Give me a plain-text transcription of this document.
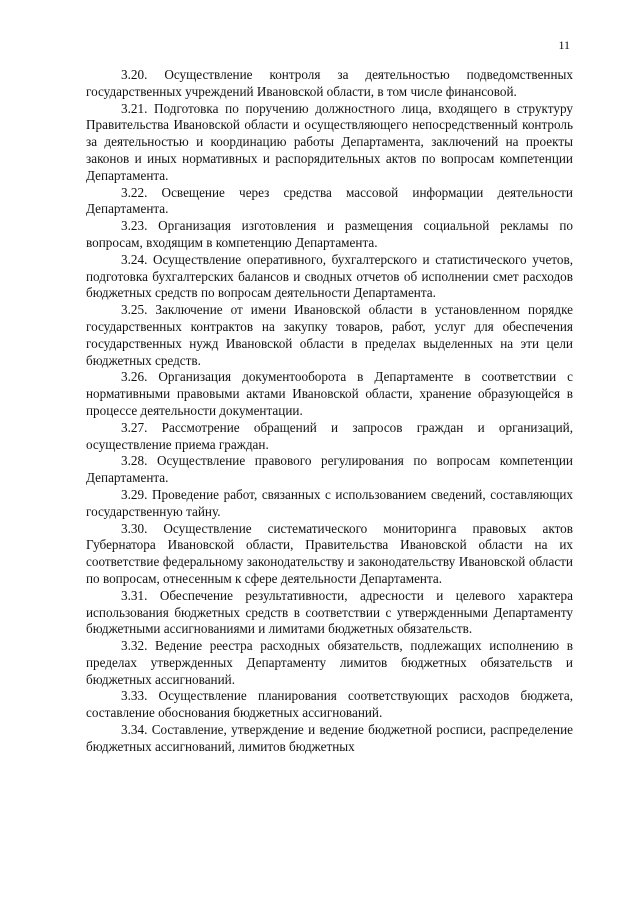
11

3.20. Осуществление контроля за деятельностью подведомственных государственных учреждений Ивановской области, в том числе финансовой.

3.21. Подготовка по поручению должностного лица, входящего в структуру Правительства Ивановской области и осуществляющего непосредственный контроль за деятельностью и координацию работы Департамента, заключений на проекты законов и иных нормативных и распорядительных актов по вопросам компетенции Департамента.

3.22. Освещение через средства массовой информации деятельности Департамента.

3.23. Организация изготовления и размещения социальной рекламы по вопросам, входящим в компетенцию Департамента.

3.24. Осуществление оперативного, бухгалтерского и статистического учетов, подготовка бухгалтерских балансов и сводных отчетов об исполнении смет расходов бюджетных средств по вопросам деятельности Департамента.

3.25. Заключение от имени Ивановской области в установленном порядке государственных контрактов на закупку товаров, работ, услуг для обеспечения государственных нужд Ивановской области в пределах выделенных на эти цели бюджетных средств.

3.26. Организация документооборота в Департаменте в соответствии с нормативными правовыми актами Ивановской области, хранение образующейся в процессе деятельности документации.

3.27. Рассмотрение обращений и запросов граждан и организаций, осуществление приема граждан.

3.28. Осуществление правового регулирования по вопросам компетенции Департамента.

3.29. Проведение работ, связанных с использованием сведений, составляющих государственную тайну.

3.30. Осуществление систематического мониторинга правовых актов Губернатора Ивановской области, Правительства Ивановской области на их соответствие федеральному законодательству и законодательству Ивановской области по вопросам, отнесенным к сфере деятельности Департамента.

3.31. Обеспечение результативности, адресности и целевого характера использования бюджетных средств в соответствии с утвержденными Департаменту бюджетными ассигнованиями и лимитами бюджетных обязательств.

3.32. Ведение реестра расходных обязательств, подлежащих исполнению в пределах утвержденных Департаменту лимитов бюджетных обязательств и бюджетных ассигнований.

3.33. Осуществление планирования соответствующих расходов бюджета, составление обоснования бюджетных ассигнований.

3.34. Составление, утверждение и ведение бюджетной росписи, распределение бюджетных ассигнований, лимитов бюджетных
